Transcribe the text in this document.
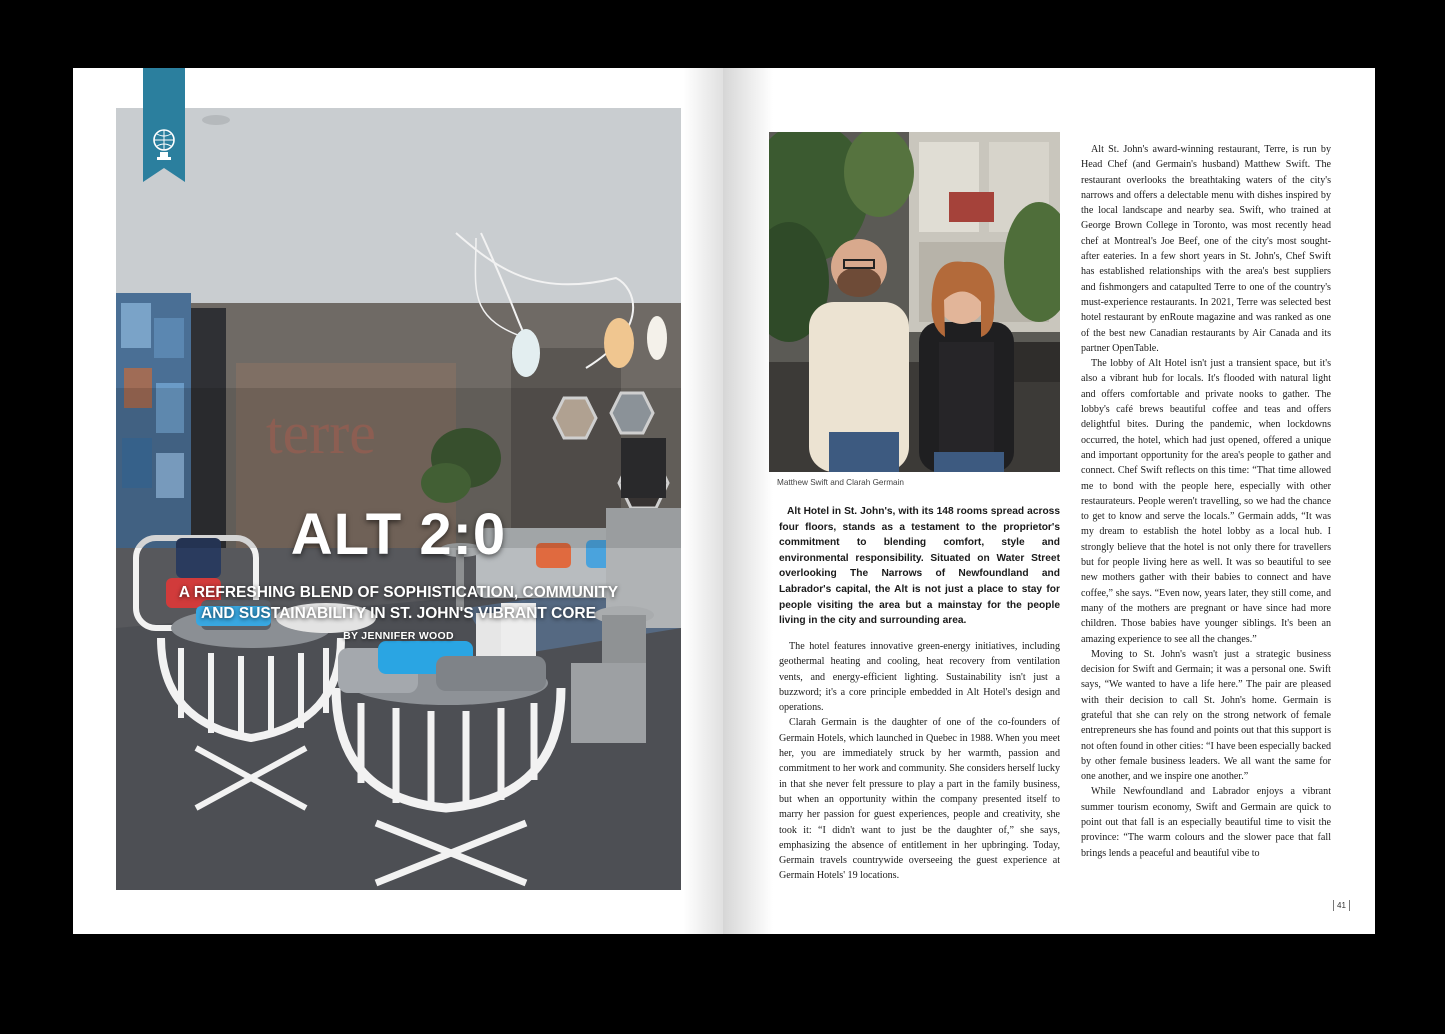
terre
ALT 2:0

A REFRESHING BLEND OF SOPHISTICATION, COMMUNITY AND SUSTAINABILITY IN ST. JOHN'S VIBRANT CORE

BY JENNIFER WOOD
Matthew Swift and Clarah Germain

Alt Hotel in St. John's, with its 148 rooms spread across four floors, stands as a testament to the proprietor's commitment to blending comfort, style and environmental responsibility. Situated on Water Street overlooking The Narrows of Newfoundland and Labrador's capital, the Alt is not just a place to stay for people visiting the area but a mainstay for the people living in the city and surrounding area.

The hotel features innovative green-energy initiatives, including geothermal heating and cooling, heat recovery from ventilation vents, and energy-efficient lighting. Sustainability isn't just a buzzword; it's a core principle embedded in Alt Hotel's design and operations.

Clarah Germain is the daughter of one of the co-founders of Germain Hotels, which launched in Quebec in 1988. When you meet her, you are immediately struck by her warmth, passion and commitment to her work and community. She considers herself lucky in that she never felt pressure to play a part in the family business, but when an opportunity within the company presented itself to marry her passion for guest experiences, people and creativity, she took it: “I didn't want to just be the daughter of,” she says, emphasizing the absence of entitlement in her upbringing. Today, Germain travels countrywide overseeing the guest experience at Germain Hotels' 19 locations.

Alt St. John's award-winning restaurant, Terre, is run by Head Chef (and Germain's husband) Matthew Swift. The restaurant overlooks the breathtaking waters of the city's narrows and offers a delectable menu with dishes inspired by the local landscape and nearby sea. Swift, who trained at George Brown College in Toronto, was most recently head chef at Montreal's Joe Beef, one of the city's most sought-after eateries. In a few short years in St. John's, Chef Swift has established relationships with the area's best suppliers and fishmongers and catapulted Terre to one of the country's must-experience restaurants. In 2021, Terre was selected best hotel restaurant by enRoute magazine and was ranked as one of the best new Canadian restaurants by Air Canada and its partner OpenTable.

The lobby of Alt Hotel isn't just a transient space, but it's also a vibrant hub for locals. It's flooded with natural light and offers comfortable and private nooks to gather. The lobby's café brews beautiful coffee and teas and offers delightful bites. During the pandemic, when lockdowns occurred, the hotel, which had just opened, offered a unique and important opportunity for the area's people to gather and connect. Chef Swift reflects on this time: “That time allowed me to bond with the people here, especially with other restaurateurs. People weren't travelling, so we had the chance to get to know and serve the locals.” Germain adds, “It was my dream to establish the hotel lobby as a local hub. I strongly believe that the hotel is not only there for travellers but for people living here as well. It was so beautiful to see new mothers gather with their babies to connect and have coffee,” she says. “Even now, years later, they still come, and many of the mothers are pregnant or have since had more children. Those babies have younger siblings. It's been an amazing experience to see all the changes.”

Moving to St. John's wasn't just a strategic business decision for Swift and Germain; it was a personal one. Swift says, “We wanted to have a life here.” The pair are pleased with their decision to call St. John's home. Germain is grateful that she can rely on the strong network of female entrepreneurs she has found and points out that this support is not often found in other cities: “I have been especially backed by other female business leaders. We all want the same for one another, and we inspire one another.”

While Newfoundland and Labrador enjoys a vibrant summer tourism economy, Swift and Germain are quick to point out that fall is an especially beautiful time to visit the province: “The warm colours and the slower pace that fall brings lends a peaceful and beautiful vibe to

41
